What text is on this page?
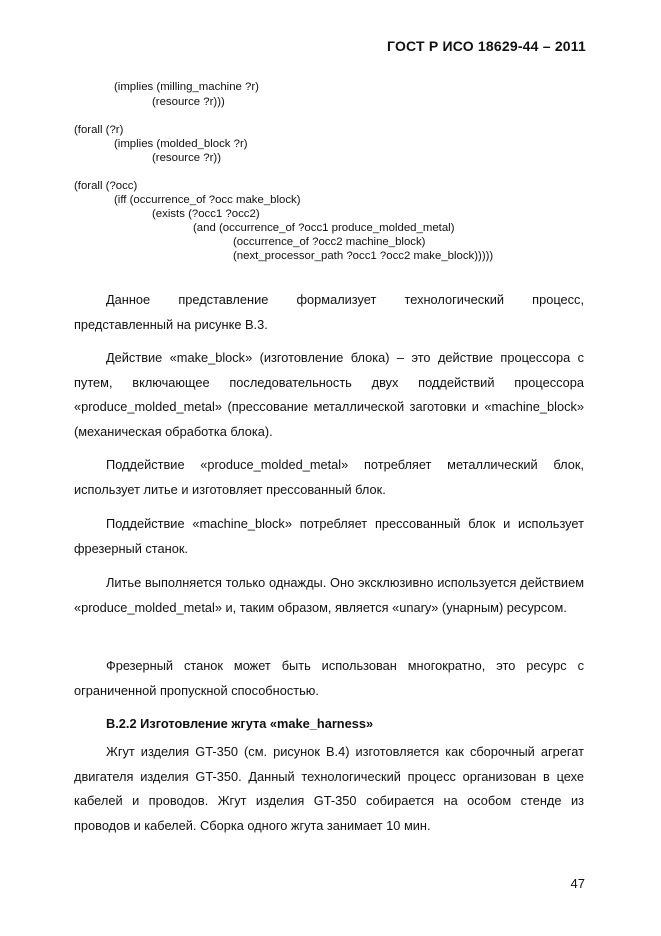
ГОСТ Р ИСО 18629-44 – 2011
(implies (milling_machine ?r)
(resource ?r)))
(forall (?r)
(implies (molded_block ?r)
(resource ?r))
(forall (?occ)
(iff (occurrence_of ?occ make_block)
(exists (?occ1 ?occ2)
(and (occurrence_of ?occ1 produce_molded_metal)
(occurrence_of ?occ2 machine_block)
(next_processor_path ?occ1 ?occ2 make_block)))))

Данное представление формализует технологический процесс, представленный на рисунке В.3.

Действие «make_block» (изготовление блока) – это действие процессора с путем, включающее последовательность двух поддействий процессора «produce_molded_metal» (прессование металлической заготовки и «machine_block» (механическая обработка блока).

Поддействие «produce_molded_metal» потребляет металлический блок, использует литье и изготовляет прессованный блок.

Поддействие «machine_block» потребляет прессованный блок и использует фрезерный станок.

Литье выполняется только однажды. Оно эксклюзивно используется действием «produce_molded_metal» и, таким образом, является «unary» (унарным) ресурсом.

Фрезерный станок может быть использован многократно, это ресурс с ограниченной пропускной способностью.

В.2.2 Изготовление жгута «make_harness»

Жгут изделия GT-350 (см. рисунок В.4) изготовляется как сборочный агрегат двигателя изделия GT-350. Данный технологический процесс организован в цехе кабелей и проводов. Жгут изделия GT-350 собирается на особом стенде из проводов и кабелей. Сборка одного жгута занимает 10 мин.

47
